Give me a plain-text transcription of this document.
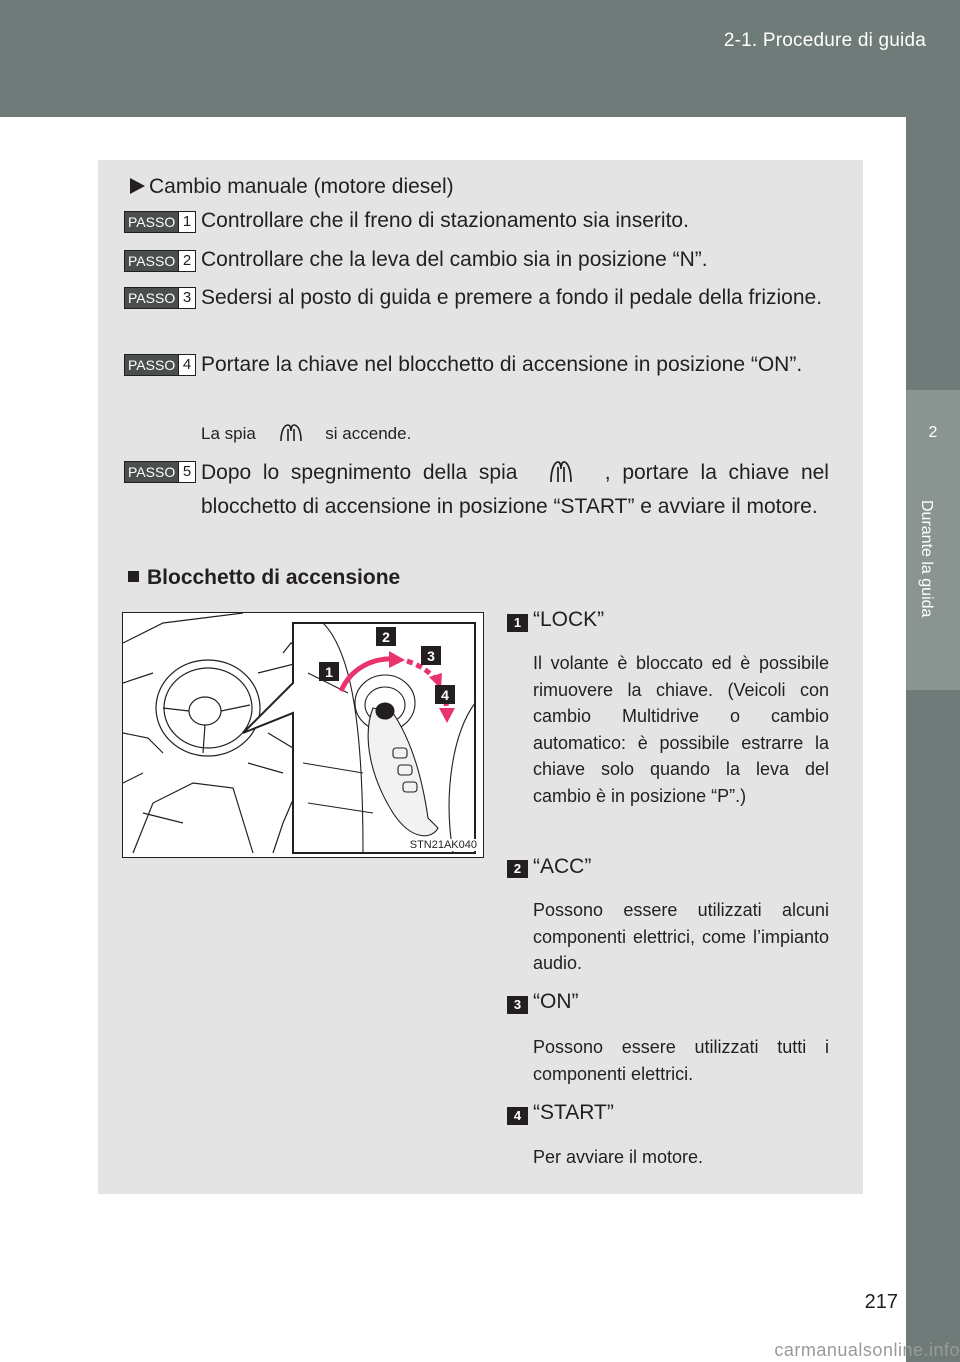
2-1. Procedure di guida
2
Durante la guida
Cambio manuale (motore diesel)
PASSO 1 Controllare che il freno di stazionamento sia inserito.
PASSO 2 Controllare che la leva del cambio sia in posizione “N”.
PASSO 3 Sedersi al posto di guida e premere a fondo il pedale della frizione.
PASSO 4 Portare la chiave nel blocchetto di accensione in posizione “ON”.
La spia	si accende.
PASSO 5 Dopo lo spegnimento della spia	, portare la chiave nel blocchetto di accensione in posizione “START” e avviare il motore.
Blocchetto di accensione
1
2
3
4
STN21AK040
1 “LOCK”
Il volante è bloccato ed è possibile rimuovere la chiave. (Veicoli con cambio Multidrive o cambio automatico: è possibile estrarre la chiave solo quando la leva del cambio è in posizione “P”.)
2 “ACC”
Possono essere utilizzati alcuni componenti elettrici, come l’impianto audio.
3 “ON”
Possono essere utilizzati tutti i componenti elettrici.
4 “START”
Per avviare il motore.
217
carmanualsonline.info
